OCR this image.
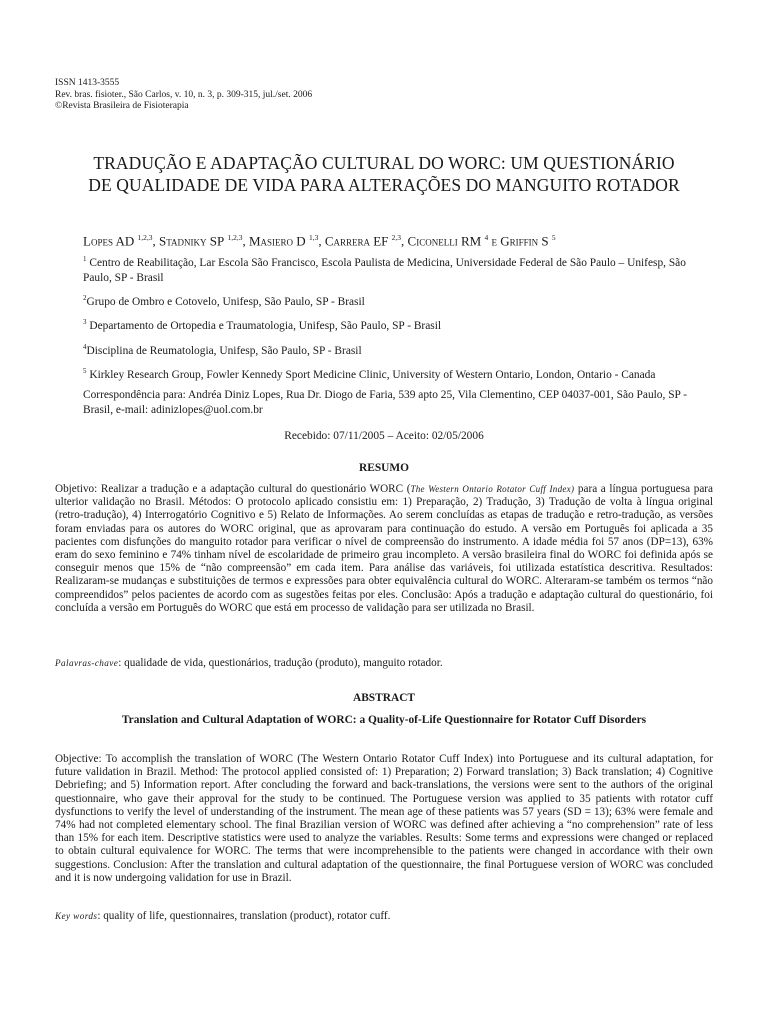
ISSN 1413-3555
Rev. bras. fisioter., São Carlos, v. 10, n. 3, p. 309-315, jul./set. 2006
©Revista Brasileira de Fisioterapia
TRADUÇÃO E ADAPTAÇÃO CULTURAL DO WORC: UM QUESTIONÁRIO
DE QUALIDADE DE VIDA PARA ALTERAÇÕES DO MANGUITO ROTADOR
Lopes AD $^{1,2,3}$, Stadniky SP $^{1,2,3}$, Masiero D $^{1,3}$, Carrera EF $^{2,3}$, Ciconelli RM $^4$ e Griffin S $^5$

$^1$ Centro de Reabilitação, Lar Escola São Francisco, Escola Paulista de Medicina, Universidade Federal de São Paulo – Unifesp, São Paulo, SP - Brasil

$^2$Grupo de Ombro e Cotovelo, Unifesp, São Paulo, SP - Brasil

$^3$ Departamento de Ortopedia e Traumatologia, Unifesp, São Paulo, SP - Brasil

$^4$Disciplina de Reumatologia, Unifesp, São Paulo, SP - Brasil

$^5$ Kirkley Research Group, Fowler Kennedy Sport Medicine Clinic, University of Western Ontario, London, Ontario - Canada

Correspondência para: Andréa Diniz Lopes, Rua Dr. Diogo de Faria, 539 apto 25, Vila Clementino, CEP 04037-001, São Paulo, SP - Brasil, e-mail: adinizlopes@uol.com.br

Recebido: 07/11/2005 – Aceito: 02/05/2006
RESUMO
Objetivo: Realizar a tradução e a adaptação cultural do questionário WORC (The Western Ontario Rotator Cuff Index) para a língua portuguesa para ulterior validação no Brasil. Métodos: O protocolo aplicado consistiu em: 1) Preparação, 2) Tradução, 3) Tradução de volta à língua original (retro-tradução), 4) Interrogatório Cognitivo e 5) Relato de Informações. Ao serem concluídas as etapas de tradução e retro-tradução, as versões foram enviadas para os autores do WORC original, que as aprovaram para continuação do estudo. A versão em Português foi aplicada a 35 pacientes com disfunções do manguito rotador para verificar o nível de compreensão do instrumento. A idade média foi 57 anos (DP=13), 63% eram do sexo feminino e 74% tinham nível de escolaridade de primeiro grau incompleto. A versão brasileira final do WORC foi definida após se conseguir menos que 15% de “não compreensão” em cada item. Para análise das variáveis, foi utilizada estatística descritiva. Resultados: Realizaram-se mudanças e substituições de termos e expressões para obter equivalência cultural do WORC. Alteraram-se também os termos “não compreendidos” pelos pacientes de acordo com as sugestões feitas por eles. Conclusão: Após a tradução e adaptação cultural do questionário, foi concluída a versão em Português do WORC que está em processo de validação para ser utilizada no Brasil.
Palavras-chave: qualidade de vida, questionários, tradução (produto), manguito rotador.
ABSTRACT
Translation and Cultural Adaptation of WORC: a Quality-of-Life Questionnaire for Rotator Cuff Disorders
Objective: To accomplish the translation of WORC (The Western Ontario Rotator Cuff Index) into Portuguese and its cultural adaptation, for future validation in Brazil. Method: The protocol applied consisted of: 1) Preparation; 2) Forward translation; 3) Back translation; 4) Cognitive Debriefing; and 5) Information report. After concluding the forward and back-translations, the versions were sent to the authors of the original questionnaire, who gave their approval for the study to be continued. The Portuguese version was applied to 35 patients with rotator cuff dysfunctions to verify the level of understanding of the instrument. The mean age of these patients was 57 years (SD = 13); 63% were female and 74% had not completed elementary school. The final Brazilian version of WORC was defined after achieving a “no comprehension” rate of less than 15% for each item. Descriptive statistics were used to analyze the variables. Results: Some terms and expressions were changed or replaced to obtain cultural equivalence for WORC. The terms that were incomprehensible to the patients were changed in accordance with their own suggestions. Conclusion: After the translation and cultural adaptation of the questionnaire, the final Portuguese version of WORC was concluded and it is now undergoing validation for use in Brazil.
Key words: quality of life, questionnaires, translation (product), rotator cuff.
